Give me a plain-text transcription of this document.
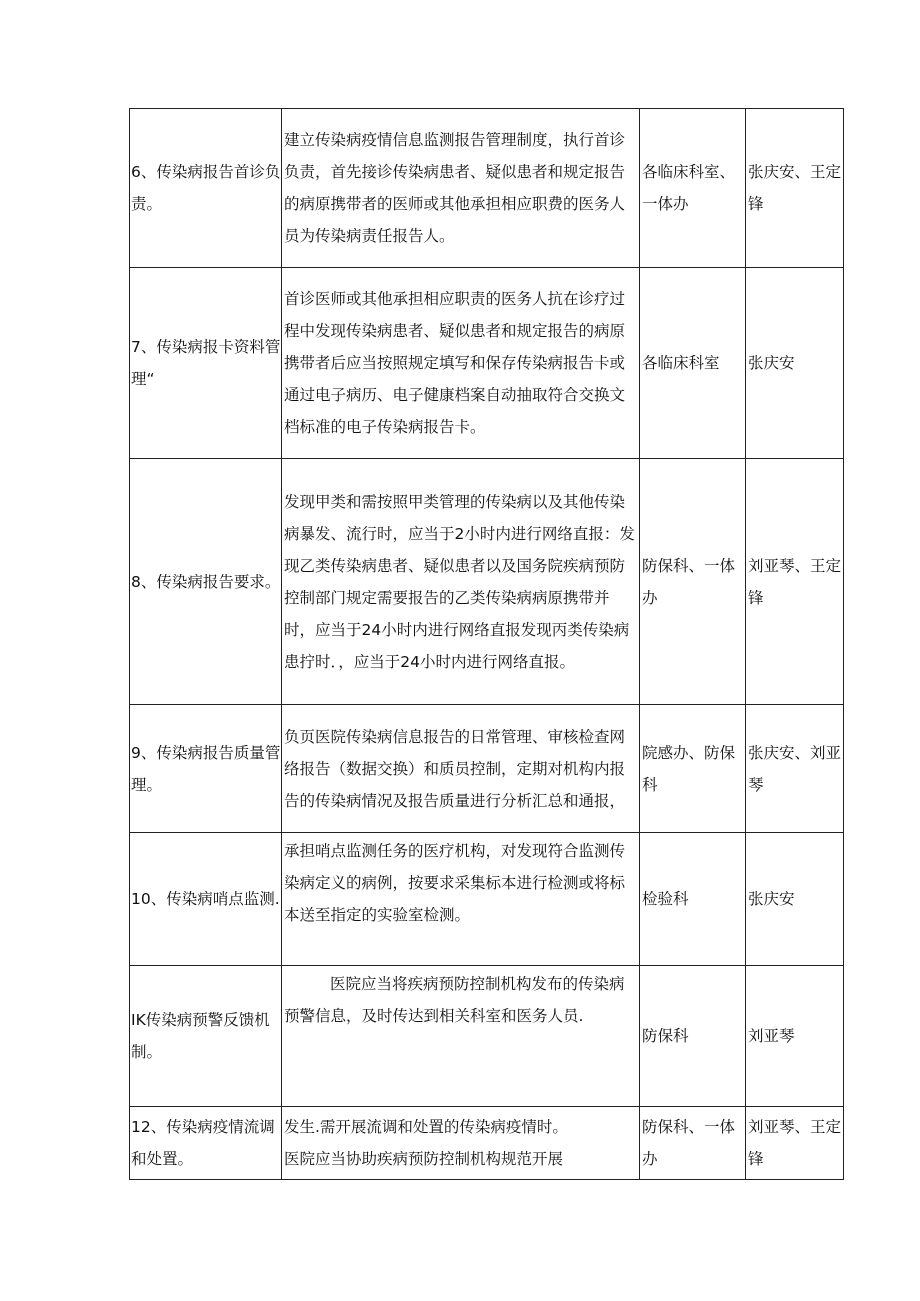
6、传染病报告首诊负责。	建立传染病疫情信息监测报告管理制度，执行首诊负责，首先接诊传染病患者、疑似患者和规定报告的病原携带者的医师或其他承担相应职费的医务人员为传染病责任报告人。	各临床科室、一体办	张庆安、王定锋

7、传染病报卡资料管理“	首诊医师或其他承担相应职责的医务人抗在诊疗过程中发现传染病患者、疑似患者和规定报告的病原携带者后应当按照规定填写和保存传染病报告卡或通过电子病历、电子健康档案自动抽取符合交换文档标准的电子传染病报告卡。	各临床科室	张庆安

8、传染病报告要求。	发现甲类和需按照甲类管理的传染病以及其他传染病暴发、流行时，应当于2小时内进行网络直报：发现乙类传染病患者、疑似患者以及国务院疾病预防控制部门规定需要报告的乙类传染病病原携带并时，应当于24小时内进行网络直报发现丙类传染病患拧时．，应当于24小时内进行网络直报。	防保科、一体办	刘亚琴、王定锋

9、传染病报告质量管理。	负页医院传染病信息报告的日常管理、审核检查网络报告（数据交换）和质员控制，定期对机构内报告的传染病情况及报告质量进行分析汇总和通报，	院感办、防保科	张庆安、刘亚琴

10、传染病哨点监测.	承担哨点监测任务的医疗机构，对发现符合监测传染病定义的病例，按要求采集标本进行检测或将标本送至指定的实验室检测。	检验科	张庆安

IK传染病预警反馈机制。	医院应当将疾病预防控制机构发布的传染病预警信息，及时传达到相关科室和医务人员.	防保科	刘亚琴

12、传染病疫情流调和处置。	发生.需开展流调和处置的传染病疫情时。
医院应当协助疾病预防控制机构规范开展	防保科、一体办	刘亚琴、王定锋
